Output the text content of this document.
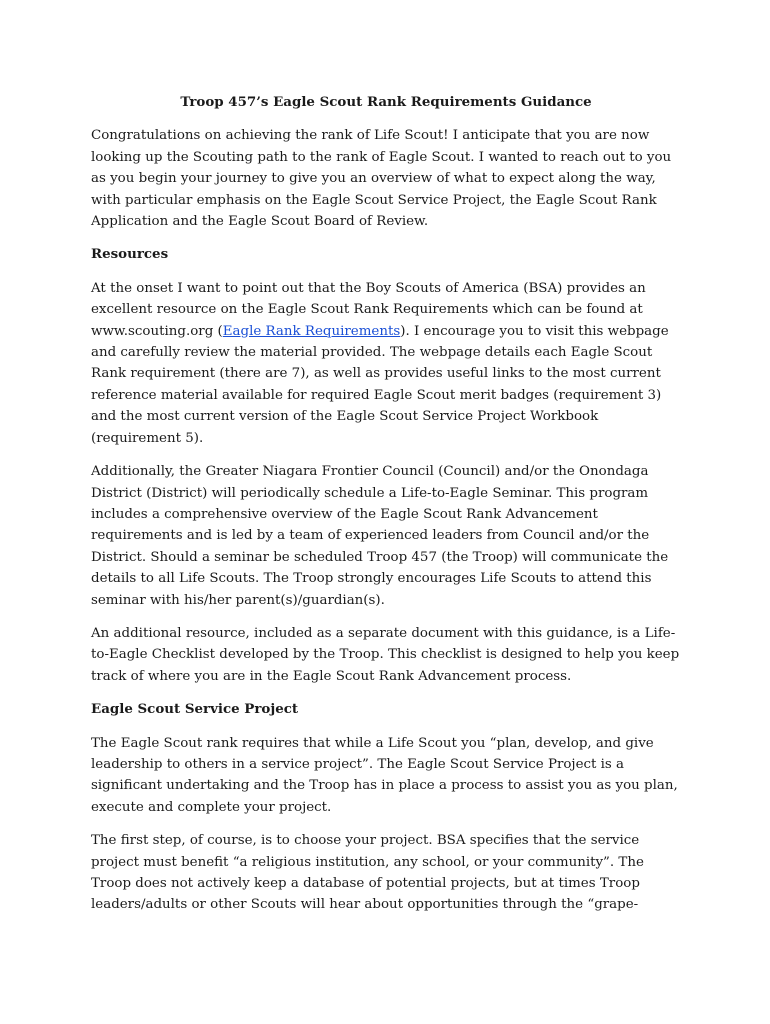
Troop 457’s Eagle Scout Rank Requirements Guidance

Congratulations on achieving the rank of Life Scout! I anticipate that you are now looking up the Scouting path to the rank of Eagle Scout. I wanted to reach out to you as you begin your journey to give you an overview of what to expect along the way, with particular emphasis on the Eagle Scout Service Project, the Eagle Scout Rank Application and the Eagle Scout Board of Review.

Resources

At the onset I want to point out that the Boy Scouts of America (BSA) provides an excellent resource on the Eagle Scout Rank Requirements which can be found at www.scouting.org (Eagle Rank Requirements). I encourage you to visit this webpage and carefully review the material provided. The webpage details each Eagle Scout Rank requirement (there are 7), as well as provides useful links to the most current reference material available for required Eagle Scout merit badges (requirement 3) and the most current version of the Eagle Scout Service Project Workbook (requirement 5).

Additionally, the Greater Niagara Frontier Council (Council) and/or the Onondaga District (District) will periodically schedule a Life-to-Eagle Seminar. This program includes a comprehensive overview of the Eagle Scout Rank Advancement requirements and is led by a team of experienced leaders from Council and/or the District. Should a seminar be scheduled Troop 457 (the Troop) will communicate the details to all Life Scouts. The Troop strongly encourages Life Scouts to attend this seminar with his/her parent(s)/guardian(s).

An additional resource, included as a separate document with this guidance, is a Life-to-Eagle Checklist developed by the Troop. This checklist is designed to help you keep track of where you are in the Eagle Scout Rank Advancement process.

Eagle Scout Service Project

The Eagle Scout rank requires that while a Life Scout you “plan, develop, and give leadership to others in a service project”. The Eagle Scout Service Project is a significant undertaking and the Troop has in place a process to assist you as you plan, execute and complete your project.

The first step, of course, is to choose your project. BSA specifies that the service project must benefit “a religious institution, any school, or your community”. The Troop does not actively keep a database of potential projects, but at times Troop leaders/adults or other Scouts will hear about opportunities through the “grape-
